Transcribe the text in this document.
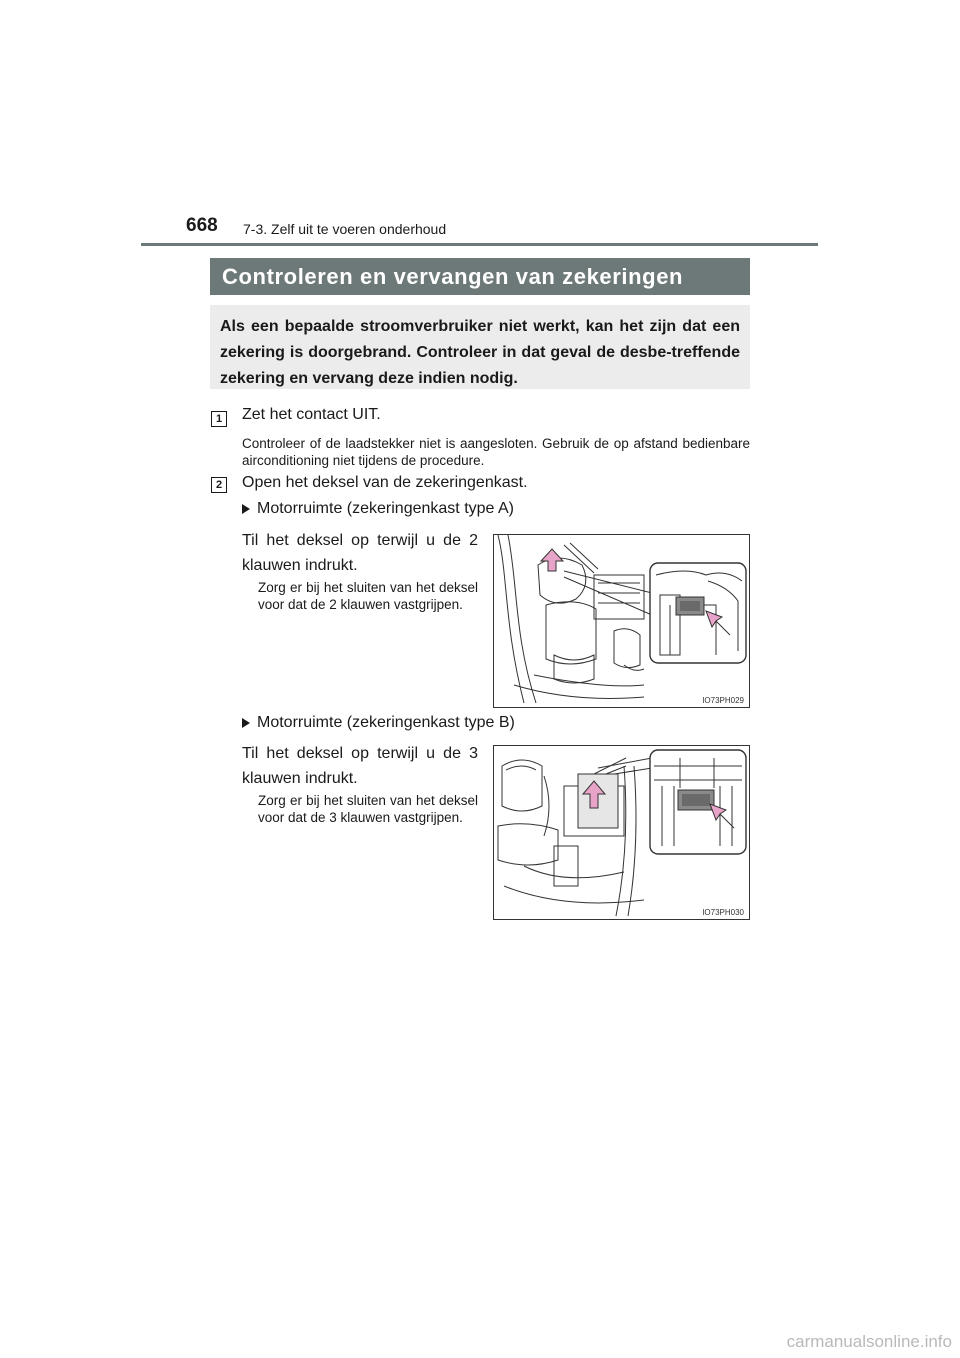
668 7-3. Zelf uit te voeren onderhoud
Controleren en vervangen van zekeringen
Als een bepaalde stroomverbruiker niet werkt, kan het zijn dat een zekering is doorgebrand. Controleer in dat geval de desbe-treffende zekering en vervang deze indien nodig.
1	Zet het contact UIT.
Controleer of de laadstekker niet is aangesloten. Gebruik de op afstand bedienbare airconditioning niet tijdens de procedure.
2	Open het deksel van de zekeringenkast.
Motorruimte (zekeringenkast type A)
Til het deksel op terwijl u de 2 klauwen indrukt.
Zorg er bij het sluiten van het deksel voor dat de 2 klauwen vastgrijpen.
IO73PH029
Motorruimte (zekeringenkast type B)
Til het deksel op terwijl u de 3 klauwen indrukt.
Zorg er bij het sluiten van het deksel voor dat de 3 klauwen vastgrijpen.
IO73PH030
carmanualsonline.info
